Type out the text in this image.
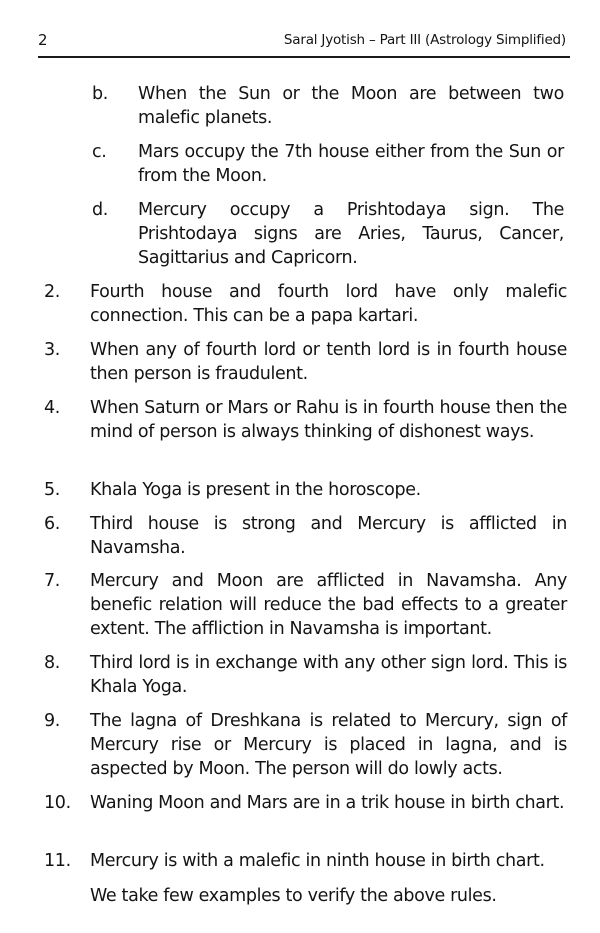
2	Saral Jyotish – Part III (Astrology Simplified)
b. When the Sun or the Moon are between two malefic planets.
c. Mars occupy the 7th house either from the Sun or from the Moon.
d. Mercury occupy a Prishtodaya sign. The Prishtodaya signs are Aries, Taurus, Cancer, Sagittarius and Capricorn.
2. Fourth house and fourth lord have only malefic connection. This can be a papa kartari.
3. When any of fourth lord or tenth lord is in fourth house then person is fraudulent.
4. When Saturn or Mars or Rahu is in fourth house then the mind of person is always thinking of dishonest ways.
5. Khala Yoga is present in the horoscope.
6. Third house is strong and Mercury is afflicted in Navamsha.
7. Mercury and Moon are afflicted in Navamsha. Any benefic relation will reduce the bad effects to a greater extent. The affliction in Navamsha is important.
8. Third lord is in exchange with any other sign lord. This is Khala Yoga.
9. The lagna of Dreshkana is related to Mercury, sign of Mercury rise or Mercury is placed in lagna, and is aspected by Moon. The person will do lowly acts.
10. Waning Moon and Mars are in a trik house in birth chart.
11. Mercury is with a malefic in ninth house in birth chart.
We take few examples to verify the above rules.
